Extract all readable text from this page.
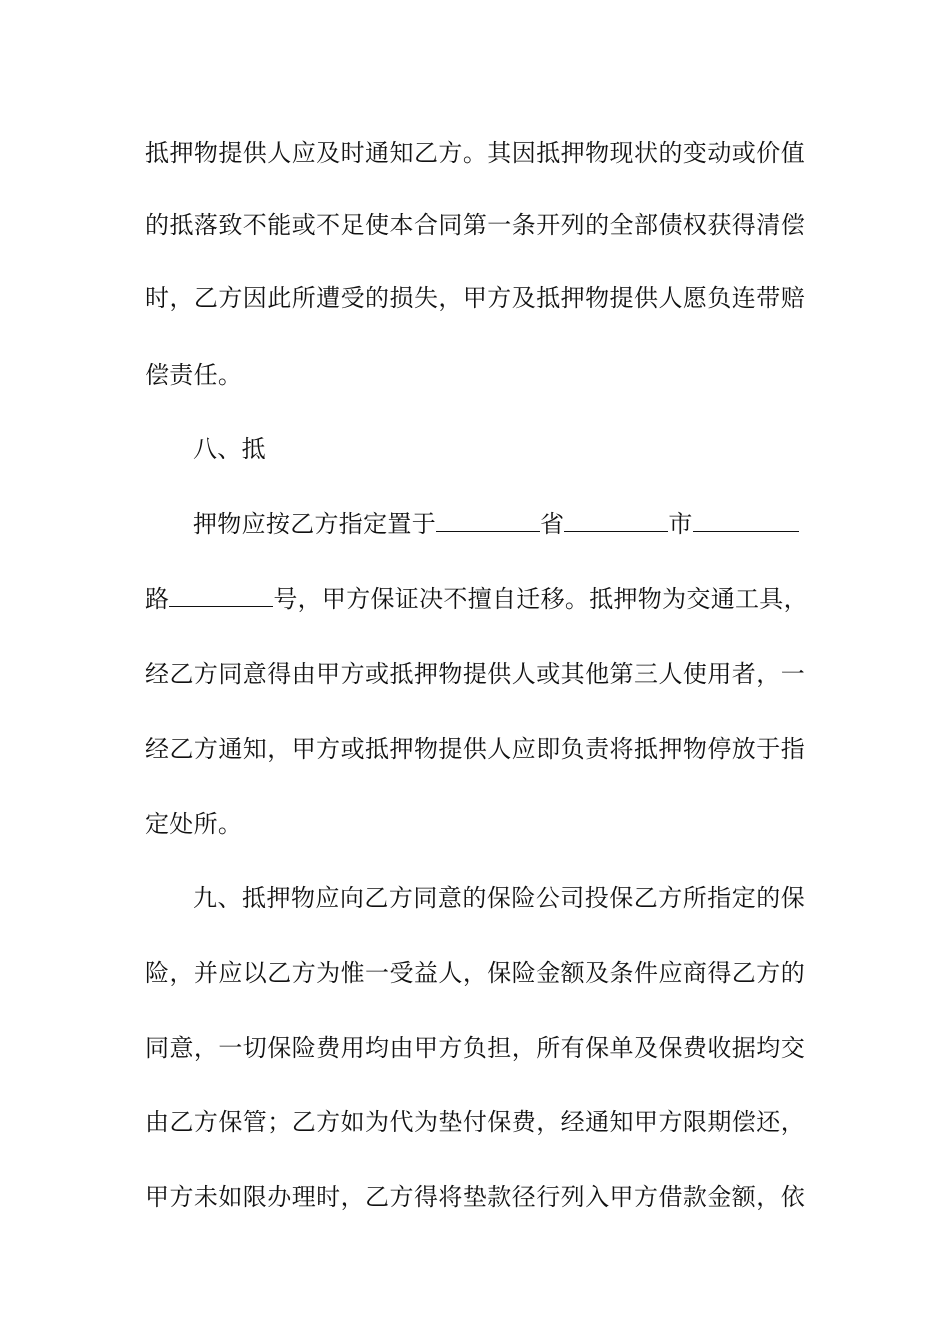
抵押物提供人应及时通知乙方。其因抵押物现状的变动或价值
的抵落致不能或不足使本合同第一条开列的全部债权获得清偿
时，乙方因此所遭受的损失，甲方及抵押物提供人愿负连带赔
偿责任。
八、抵
押物应按乙方指定置于	省	市
路	号，甲方保证决不擅自迁移。抵押物为交通工具，
经乙方同意得由甲方或抵押物提供人或其他第三人使用者，一
经乙方通知，甲方或抵押物提供人应即负责将抵押物停放于指
定处所。
九、抵押物应向乙方同意的保险公司投保乙方所指定的保
险，并应以乙方为惟一受益人，保险金额及条件应商得乙方的
同意，一切保险费用均由甲方负担，所有保单及保费收据均交
由乙方保管；乙方如为代为垫付保费，经通知甲方限期偿还，
甲方未如限办理时，乙方得将垫款径行列入甲方借款金额，依
